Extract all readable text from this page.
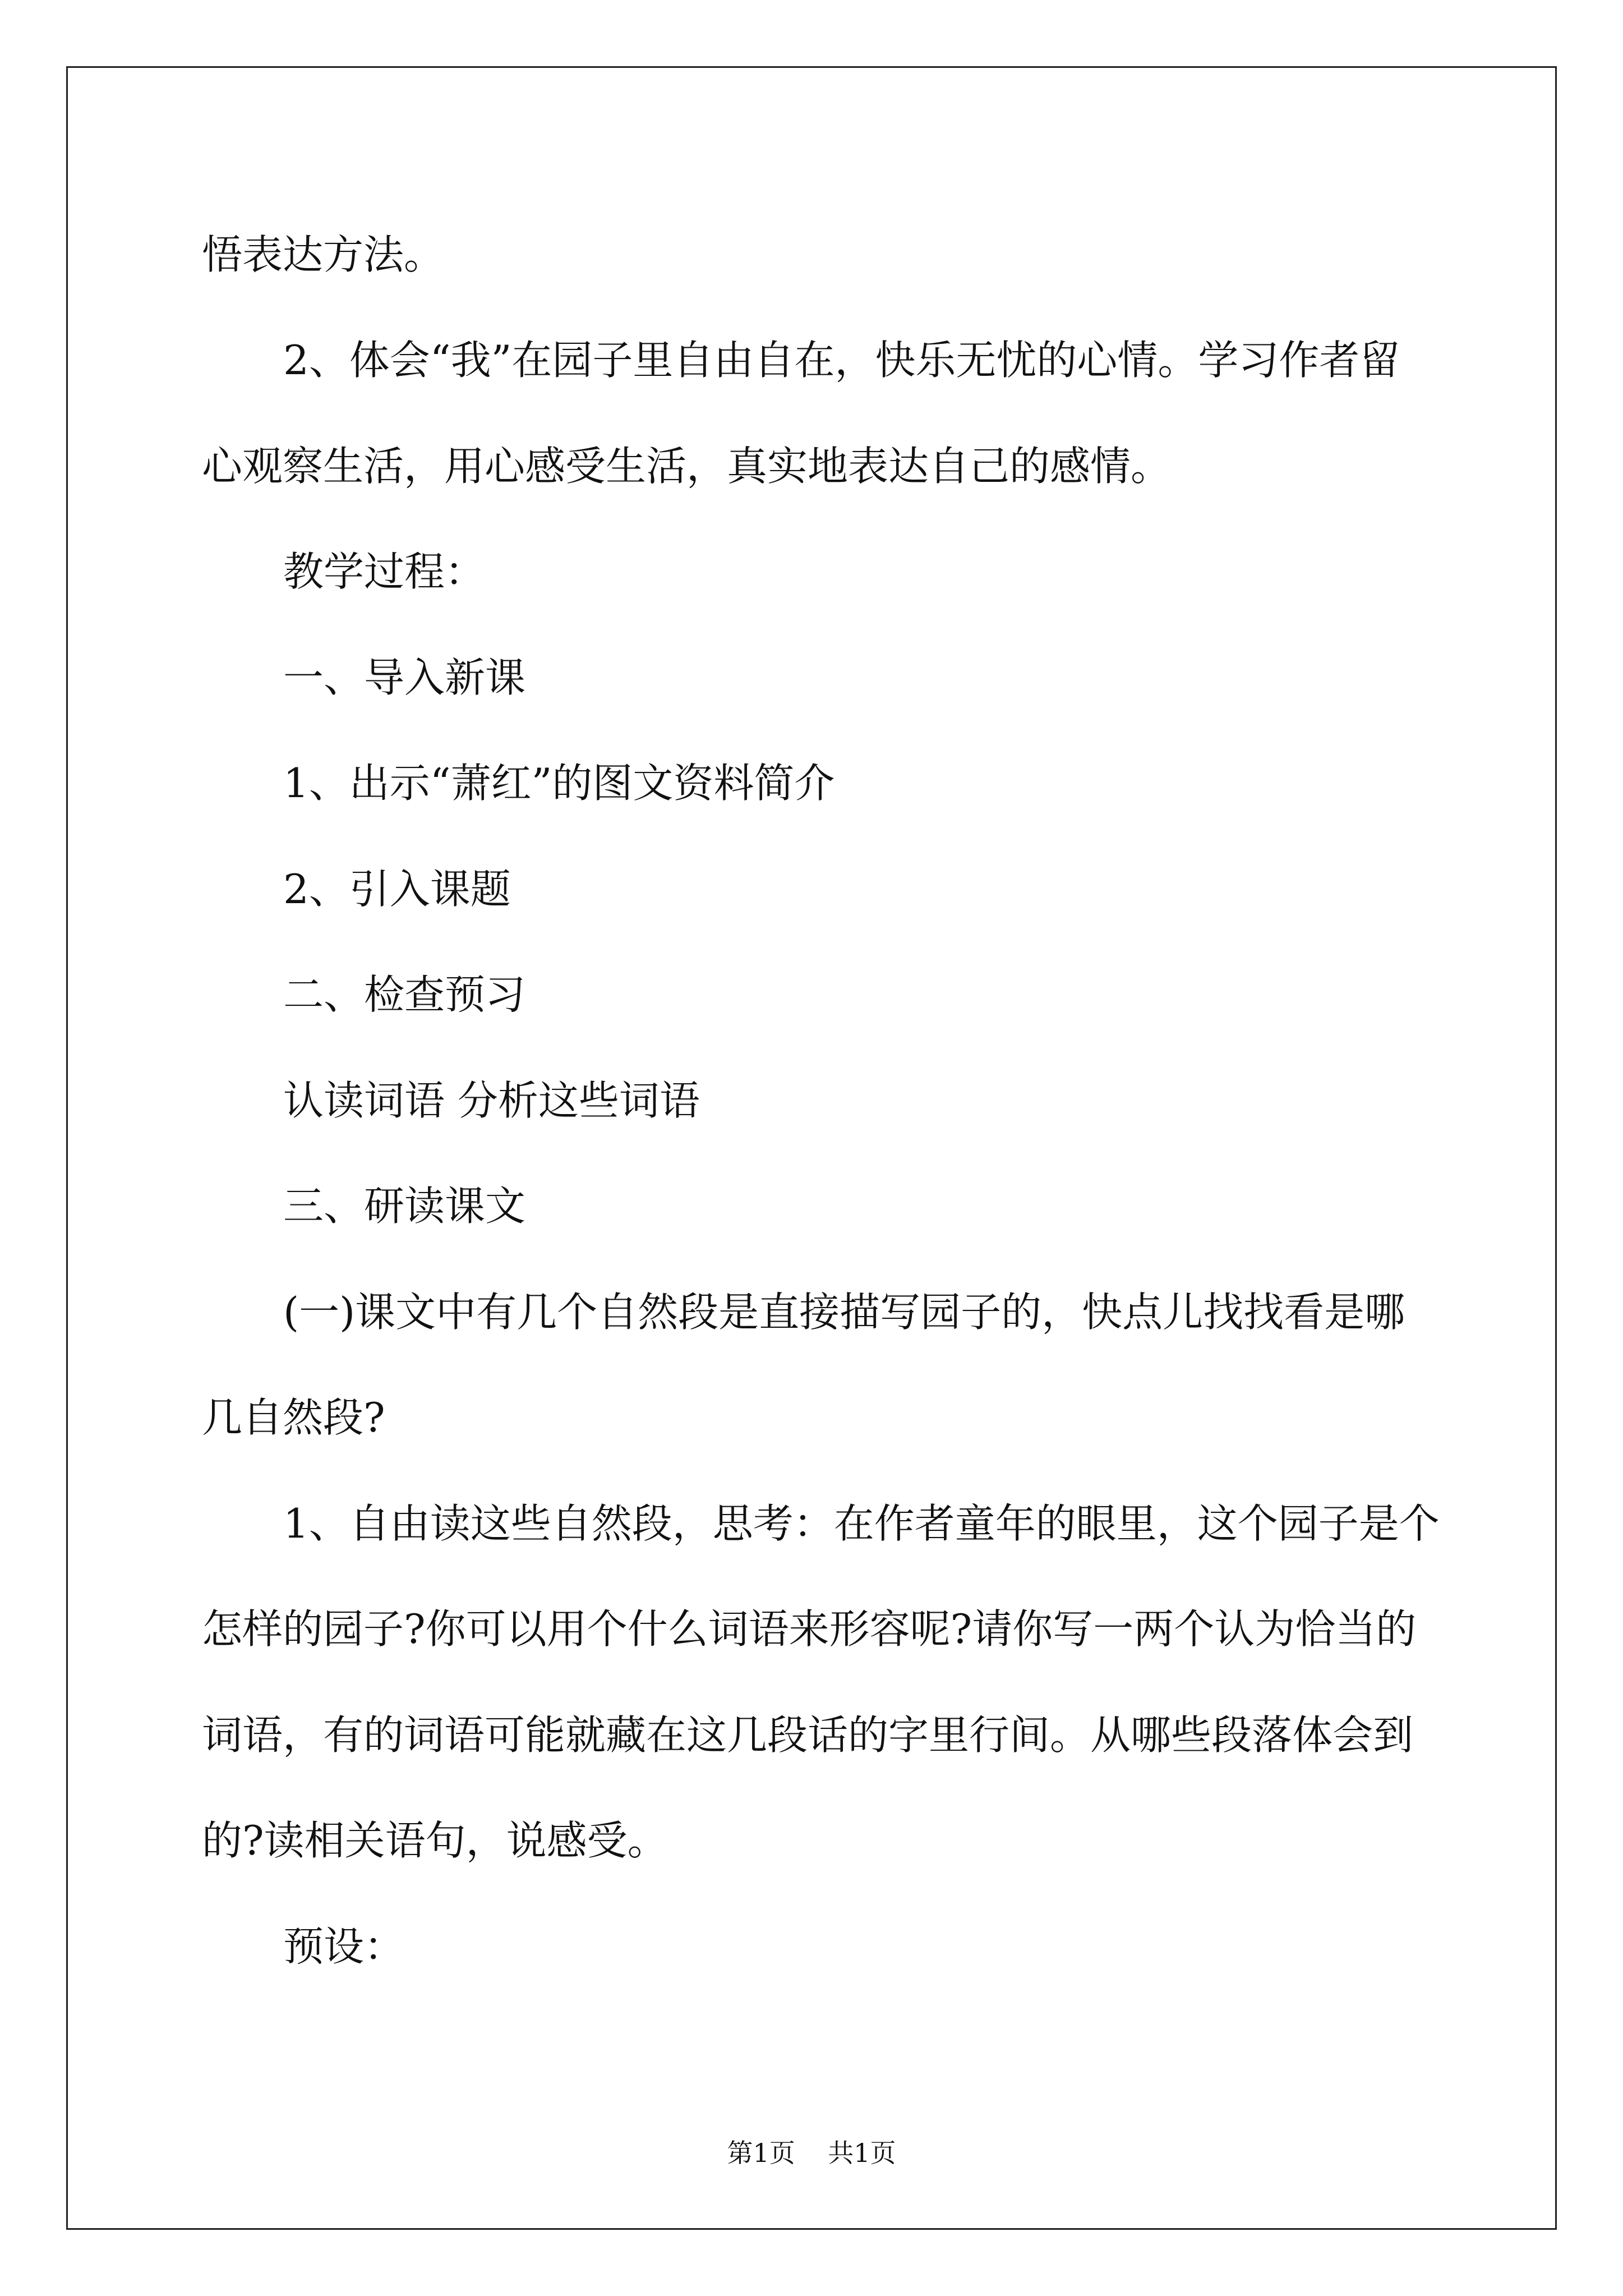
悟表达方法。
2、体会“我”在园子里自由自在，快乐无忧的心情。学习作者留
心观察生活，用心感受生活，真实地表达自己的感情。
教学过程：
一、导入新课
1、出示“萧红”的图文资料简介
2、引入课题
二、检查预习
认读词语 分析这些词语
三、研读课文
(一)课文中有几个自然段是直接描写园子的，快点儿找找看是哪
几自然段?
1、自由读这些自然段，思考：在作者童年的眼里，这个园子是个
怎样的园子?你可以用个什么词语来形容呢?请你写一两个认为恰当的
词语，有的词语可能就藏在这几段话的字里行间。从哪些段落体会到
的?读相关语句，说感受。
预设：
第1页    共1页
